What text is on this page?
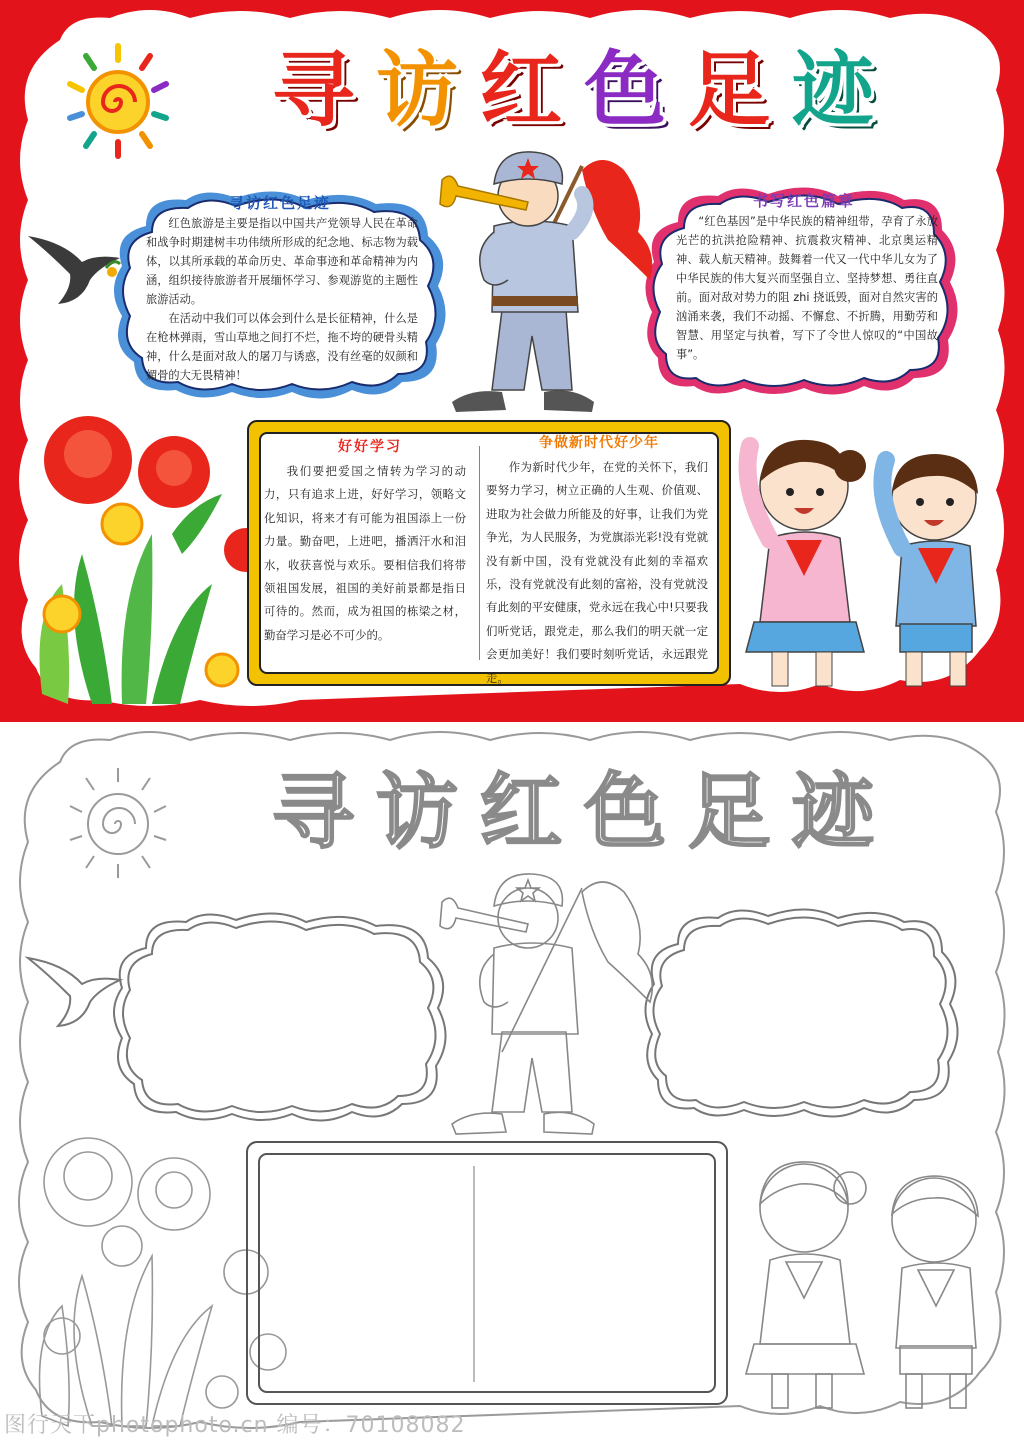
寻 访 红 色 足 迹
寻访红色足迹

红色旅游是主要是指以中国共产党领导人民在革命和战争时期建树丰功伟绩所形成的纪念地、标志物为载体，以其所承载的革命历史、革命事迹和革命精神为内涵，组织接待旅游者开展缅怀学习、参观游览的主题性旅游活动。

在活动中我们可以体会到什么是长征精神，什么是在枪林弹雨，雪山草地之间打不烂，拖不垮的硬骨头精神，什么是面对敌人的屠刀与诱惑，没有丝毫的奴颜和媚骨的大无畏精神！

书写红色篇章

“红色基因”是中华民族的精神纽带，孕育了永放光芒的抗洪抢险精神、抗震救灾精神、北京奥运精神、载人航天精神。鼓舞着一代又一代中华儿女为了中华民族的伟大复兴而坚强自立、坚持梦想、勇往直前。面对敌对势力的阻 zhi 挠诋毁，面对自然灾害的汹涌来袭，我们不动摇、不懈怠、不折腾，用勤劳和智慧、用坚定与执着，写下了令世人惊叹的“中国故事”。

好好学习

我们要把爱国之情转为学习的动力，只有追求上进，好好学习，领略文化知识，将来才有可能为祖国添上一份力量。勤奋吧，上进吧，播洒汗水和泪水，收获喜悦与欢乐。要相信我们将带领祖国发展，祖国的美好前景都是指日可待的。然而，成为祖国的栋梁之材，勤奋学习是必不可少的。

争做新时代好少年

作为新时代少年，在党的关怀下，我们要努力学习，树立正确的人生观、价值观、进取为社会做力所能及的好事，让我们为党争光，为人民服务，为党旗添光彩!没有党就没有新中国，没有党就没有此刻的幸福欢乐，没有党就没有此刻的富裕，没有党就没有此刻的平安健康，党永远在我心中!只要我们听党话，跟党走，那么我们的明天就一定会更加美好！我们要时刻听党话，永远跟党走。

寻 访 红 色 足 迹
图行天下photophoto.cn 编号：70108082
